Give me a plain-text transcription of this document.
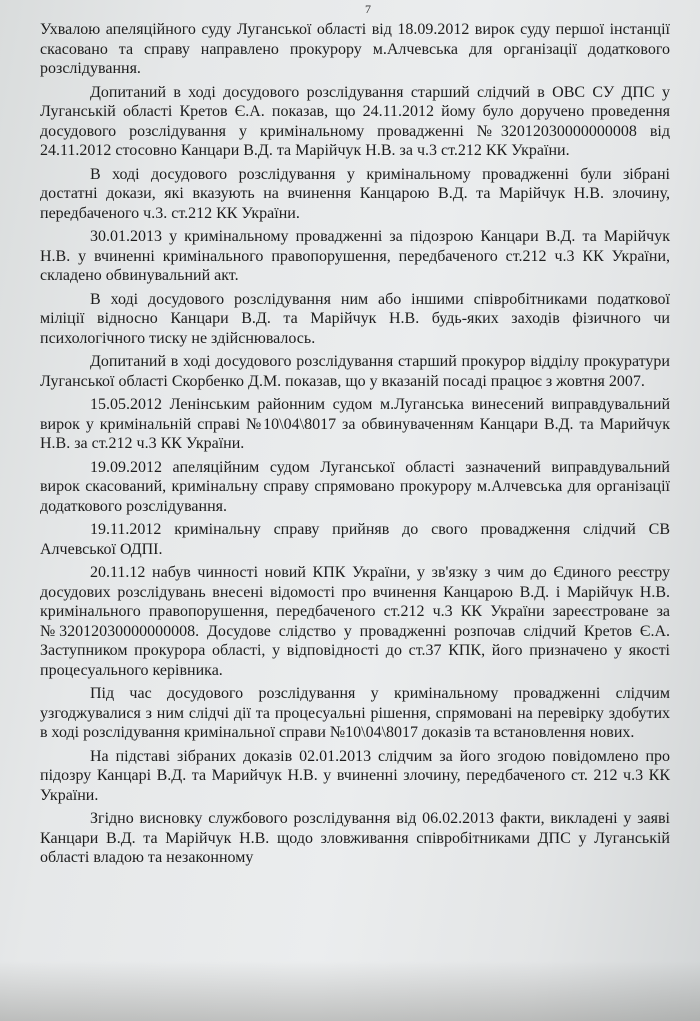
7

Ухвалою апеляційного суду Луганської області від 18.09.2012 вирок суду першої інстанції скасовано та справу направлено прокурору м.Алчевська для організації додаткового розслідування.

Допитаний в ході досудового розслідування старший слідчий в ОВС СУ ДПС у Луганській області Кретов Є.А. показав, що 24.11.2012 йому було доручено проведення досудового розслідування у кримінальному провадженні №32012030000000008 від 24.11.2012 стосовно Канцари В.Д. та Марійчук Н.В. за ч.3 ст.212 КК України.

В ході досудового розслідування у кримінальному провадженні були зібрані достатні докази, які вказують на вчинення Канцарою В.Д. та Марійчук Н.В. злочину, передбаченого ч.3. ст.212 КК України.

30.01.2013 у кримінальному провадженні за підозрою Канцари В.Д. та Марійчук Н.В. у вчиненні кримінального правопорушення, передбаченого ст.212 ч.3 КК України, складено обвинувальний акт.

В ході досудового розслідування ним або іншими співробітниками податкової міліції відносно Канцари В.Д. та Марійчук Н.В. будь-яких заходів фізичного чи психологічного тиску не здійснювалось.

Допитаний в ході досудового розслідування старший прокурор відділу прокуратури Луганської області Скорбенко Д.М. показав, що у вказаній посаді працює з жовтня 2007.

15.05.2012 Ленінським районним судом м.Луганська винесений виправдувальний вирок у кримінальній справі №10\04\8017 за обвинуваченням Канцари В.Д. та Марийчук Н.В. за ст.212 ч.3 КК України.

19.09.2012 апеляційним судом Луганської області зазначений виправдувальний вирок скасований, кримінальну справу спрямовано прокурору м.Алчевська для організації додаткового розслідування.

19.11.2012 кримінальну справу прийняв до свого провадження слідчий СВ Алчевської ОДПІ.

20.11.12 набув чинності новий КПК України, у зв'язку з чим до Єдиного реєстру досудових розслідувань внесені відомості про вчинення Канцарою В.Д. і Марійчук Н.В. кримінального правопорушення, передбаченого ст.212 ч.3 КК України зареєстроване за №32012030000000008. Досудове слідство у провадженні розпочав слідчий Кретов Є.А. Заступником прокурора області, у відповідності до ст.37 КПК, його призначено у якості процесуального керівника.

Під час досудового розслідування у кримінальному провадженні слідчим узгоджувалися з ним слідчі дії та процесуальні рішення, спрямовані на перевірку здобутих в ході розслідування кримінальної справи №10\04\8017 доказів та встановлення нових.

На підставі зібраних доказів 02.01.2013 слідчим за його згодою повідомлено про підозру Канцарі В.Д. та Марийчук Н.В. у вчиненні злочину, передбаченого ст. 212 ч.3 КК України.

Згідно висновку службового розслідування від 06.02.2013 факти, викладені у заяві Канцари В.Д. та Марійчук Н.В. щодо зловживання співробітниками ДПС у Луганській області владою та незаконному
